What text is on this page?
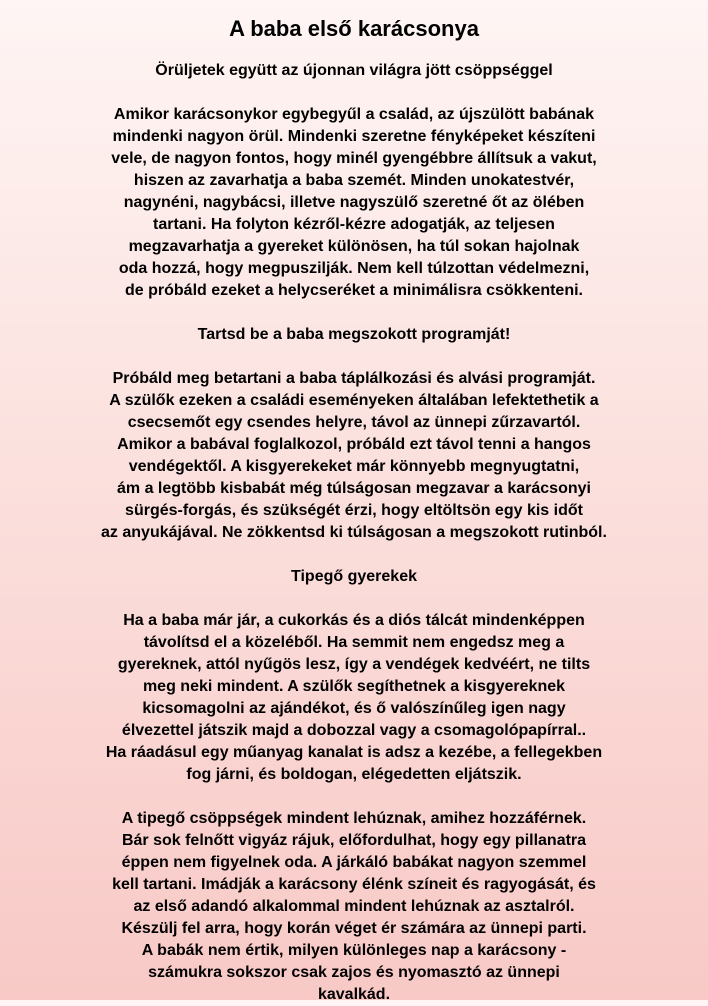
A baba első karácsonya

Örüljetek együtt az újonnan világra jött csöppséggel

Amikor karácsonykor egybegyűl a család, az újszülött babának
mindenki nagyon örül. Mindenki szeretne fényképeket készíteni
vele, de nagyon fontos, hogy minél gyengébbre állítsuk a vakut,
hiszen az zavarhatja a baba szemét. Minden unokatestvér,
nagynéni, nagybácsi, illetve nagyszülő szeretné őt az ölében
tartani. Ha folyton kézről-kézre adogatják, az teljesen
megzavarhatja a gyereket különösen, ha túl sokan hajolnak
oda hozzá, hogy megpuszilják. Nem kell túlzottan védelmezni,
de próbáld ezeket a helycseréket a minimálisra csökkenteni.

Tartsd be a baba megszokott programját!

Próbáld meg betartani a baba táplálkozási és alvási programját.
A szülők ezeken a családi eseményeken általában lefektethetik a
csecsemőt egy csendes helyre, távol az ünnepi zűrzavartól.
Amikor a babával foglalkozol, próbáld ezt távol tenni a hangos
vendégektől. A kisgyerekeket már könnyebb megnyugtatni,
ám a legtöbb kisbabát még túlságosan megzavar a karácsonyi
sürgés-forgás, és szükségét érzi, hogy eltöltsön egy kis időt
az anyukájával. Ne zökkentsd ki túlságosan a megszokott rutinból.

Tipegő gyerekek

Ha a baba már jár, a cukorkás és a diós tálcát mindenképpen
távolítsd el a közeléből. Ha semmit nem engedsz meg a
gyereknek, attól nyűgös lesz, így a vendégek kedvéért, ne tilts
meg neki mindent. A szülők segíthetnek a kisgyereknek
kicsomagolni az ajándékot, és ő valószínűleg igen nagy
élvezettel játszik majd a dobozzal vagy a csomagolópapírral..
Ha ráadásul egy műanyag kanalat is adsz a kezébe, a fellegekben
fog járni, és boldogan, elégedetten eljátszik.

A tipegő csöppségek mindent lehúznak, amihez hozzáférnek.
Bár sok felnőtt vigyáz rájuk, előfordulhat, hogy egy pillanatra
éppen nem figyelnek oda. A járkáló babákat nagyon szemmel
kell tartani. Imádják a karácsony élénk színeit és ragyogását, és
az első adandó alkalommal mindent lehúznak az asztalról.
Készülj fel arra, hogy korán véget ér számára az ünnepi parti.
A babák nem értik, milyen különleges nap a karácsony -
számukra sokszor csak zajos és nyomasztó az ünnepi
kavalkád.
